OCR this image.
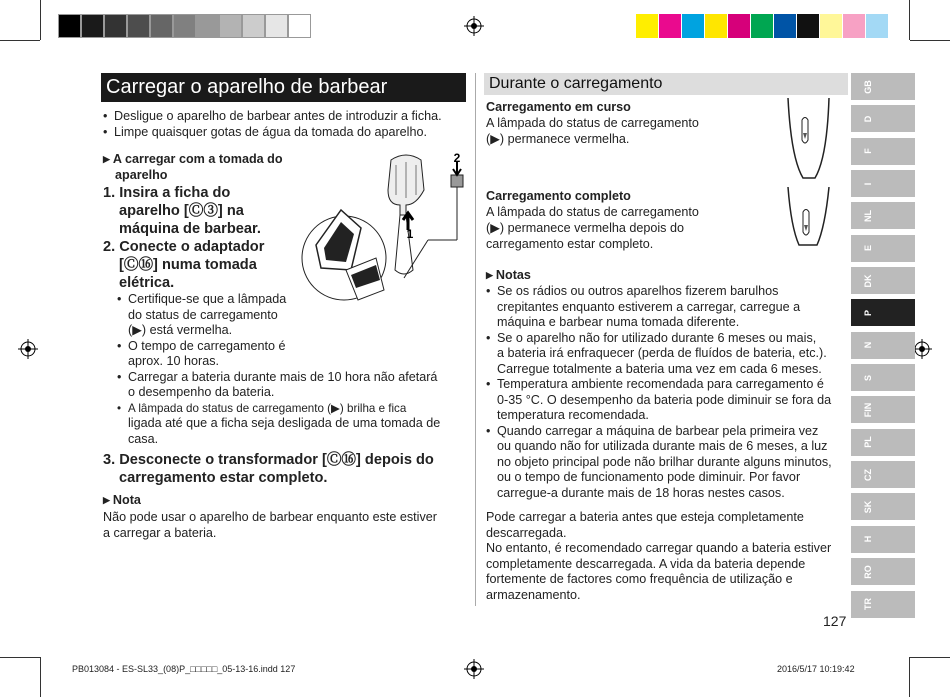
Carregar o aparelho de barbear
• Desligue o aparelho de barbear antes de introduzir a ficha.
• Limpe quaisquer gotas de água da tomada do aparelho.
▶ A carregar com a tomada do
aparelho
1. Insira a ficha do
aparelho [Ⓒ③] na
máquina de barbear.
2. Conecte o adaptador
[Ⓒ⑯] numa tomada
elétrica.
• Certifique-se que a lâmpada
do status de carregamento
(▶) está vermelha.
• O tempo de carregamento é
aprox. 10 horas.
• Carregar a bateria durante mais de 10 hora não afetará
o desempenho da bateria.
• A lâmpada do status de carregamento (▶) brilha e fica
ligada até que a ficha seja desligada de uma tomada de
casa.
3. Desconecte o transformador [Ⓒ⑯] depois do
carregamento estar completo.
▶ Nota
Não pode usar o aparelho de barbear enquanto este estiver
a carregar a bateria.
2
1
Durante o carregamento
Carregamento em curso
A lâmpada do status de carregamento
(▶) permanece vermelha.
Carregamento completo
A lâmpada do status de carregamento
(▶) permanece vermelha depois do
carregamento estar completo.
▶ Notas
• Se os rádios ou outros aparelhos fizerem barulhos
crepitantes enquanto estiverem a carregar, carregue a
máquina e barbear numa tomada diferente.
• Se o aparelho não for utilizado durante 6 meses ou mais,
a bateria irá enfraquecer (perda de fluídos de bateria, etc.).
Carregue totalmente a bateria uma vez em cada 6 meses.
• Temperatura ambiente recomendada para carregamento é
0-35 °C. O desempenho da bateria pode diminuir se fora da
temperatura recomendada.
• Quando carregar a máquina de barbear pela primeira vez
ou quando não for utilizada durante mais de 6 meses, a luz
no objeto principal pode não brilhar durante alguns minutos,
ou o tempo de funcionamento pode diminuir. Por favor
carregue-a durante mais de 18 horas nestes casos.
Pode carregar a bateria antes que esteja completamente
descarregada.
No entanto, é recomendado carregar quando a bateria estiver
completamente descarregada. A vida da bateria depende
fortemente de factores como frequência de utilização e
armazenamento.
GB
D
F
I
NL
E
DK
P
N
S
FIN
PL
CZ
SK
H
RO
TR
127
PB013084 - ES-SL33_(08)P_□□□□□_05-13-16.indd 127	2016/5/17 10:19:42
